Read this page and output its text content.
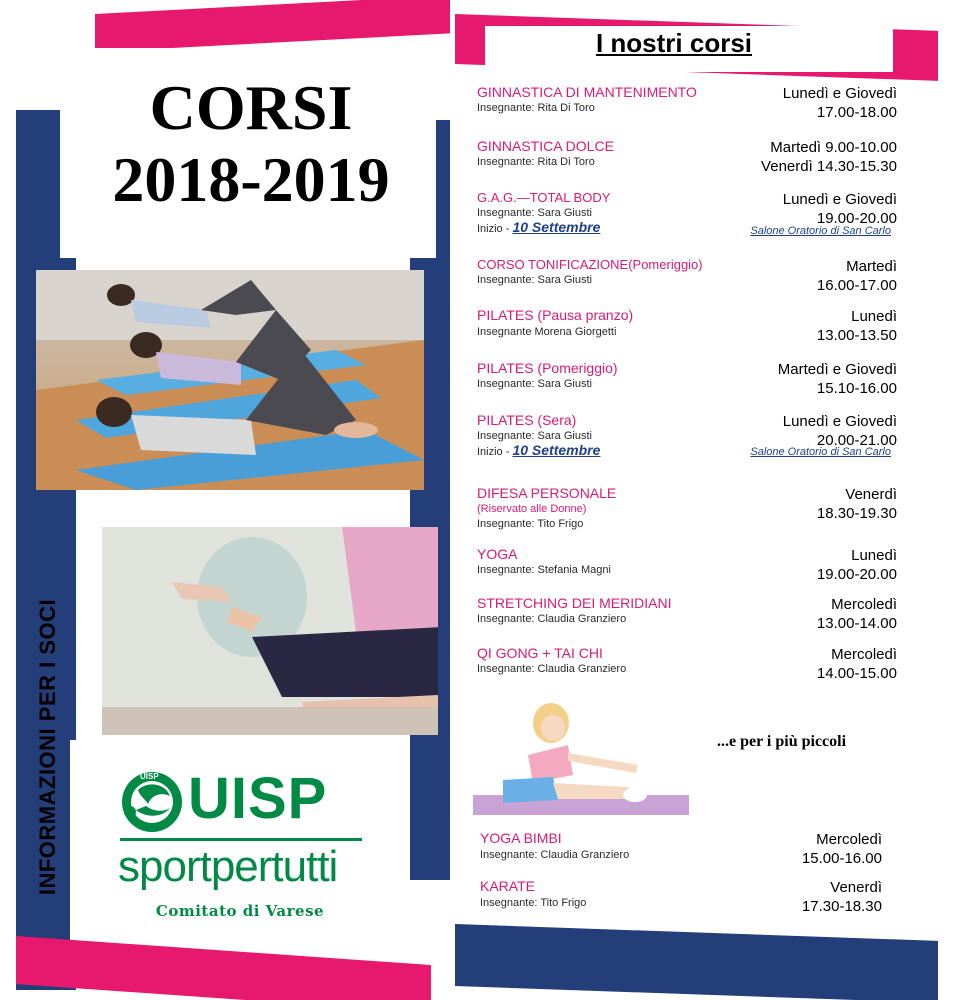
CORSI
2018-2019
INFORMAZIONI PER I SOCI	UISP UISP
sportpertutti
Comitato di Varese
I nostri corsi
GINNASTICA DI MANTENIMENTO
Insegnante: Rita Di Toro
Lunedì e Giovedì
17.00-18.00
GINNASTICA DOLCE
Insegnante: Rita Di Toro
Martedì 9.00-10.00
Venerdì 14.30-15.30
G.A.G.—TOTAL BODY
Insegnante: Sara Giusti
Inizio - 10 Settembre
Lunedì e Giovedì
19.00-20.00
Salone Oratorio di San Carlo
CORSO TONIFICAZIONE(Pomeriggio)
Insegnante: Sara Giusti
Martedì
16.00-17.00
PILATES (Pausa pranzo)
Insegnante Morena Giorgetti
Lunedì
13.00-13.50
PILATES (Pomeriggio)
Insegnante: Sara Giusti
Martedì e Giovedì
15.10-16.00
PILATES (Sera)
Insegnante: Sara Giusti
Inizio - 10 Settembre
Lunedì e Giovedì
20.00-21.00
Salone Oratorio di San Carlo
DIFESA PERSONALE
(Riservato alle Donne)
Insegnante: Tito Frigo
Venerdì
18.30-19.30
YOGA
Insegnante: Stefania Magni
Lunedì
19.00-20.00
STRETCHING DEI MERIDIANI
Insegnante: Claudia Granziero
Mercoledì
13.00-14.00
QI GONG + TAI CHI
Insegnante: Claudia Granziero
Mercoledì
14.00-15.00
...e per i più piccoli
YOGA BIMBI
Insegnante: Claudia Granziero
Mercoledì
15.00-16.00
KARATE
Insegnante: Tito Frigo
Venerdì
17.30-18.30
